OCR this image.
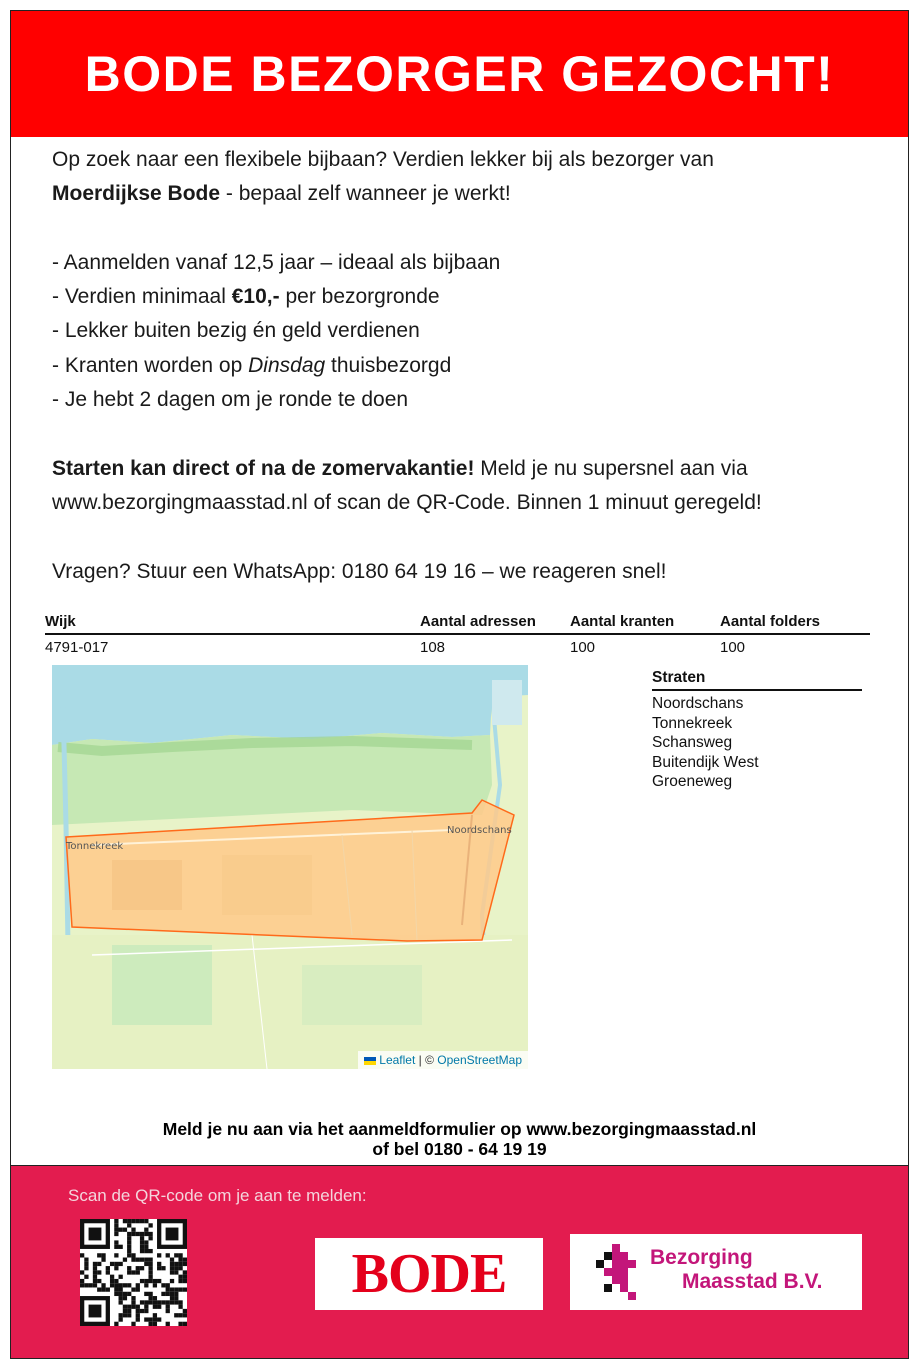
BODE BEZORGER GEZOCHT!

Op zoek naar een flexibele bijbaan? Verdien lekker bij als bezorger van

Moerdijkse Bode - bepaal zelf wanneer je werkt!

- Aanmelden vanaf 12,5 jaar – ideaal als bijbaan

- Verdien minimaal €10,- per bezorgronde

- Lekker buiten bezig én geld verdienen

- Kranten worden op Dinsdag thuisbezorgd

- Je hebt 2 dagen om je ronde te doen

Starten kan direct of na de zomervakantie! Meld je nu supersnel aan via

www.bezorgingmaasstad.nl of scan de QR-Code. Binnen 1 minuut geregeld!

Vragen? Stuur een WhatsApp: 0180 64 19 16 – we reageren snel!

Wijk	Aantal adressen	Aantal kranten	Aantal folders
4791-017	108	100	100
Noordschans
Tonnekreek
Leaflet | © OpenStreetMap
Straten
Noordschans
Tonnekreek
Schansweg
Buitendijk West
Groeneweg
Meld je nu aan via het aanmeldformulier op www.bezorgingmaasstad.nl
of bel 0180 - 64 19 19
Scan de QR-code om je aan te melden:
BODE	Bezorging
Maasstad B.V.
